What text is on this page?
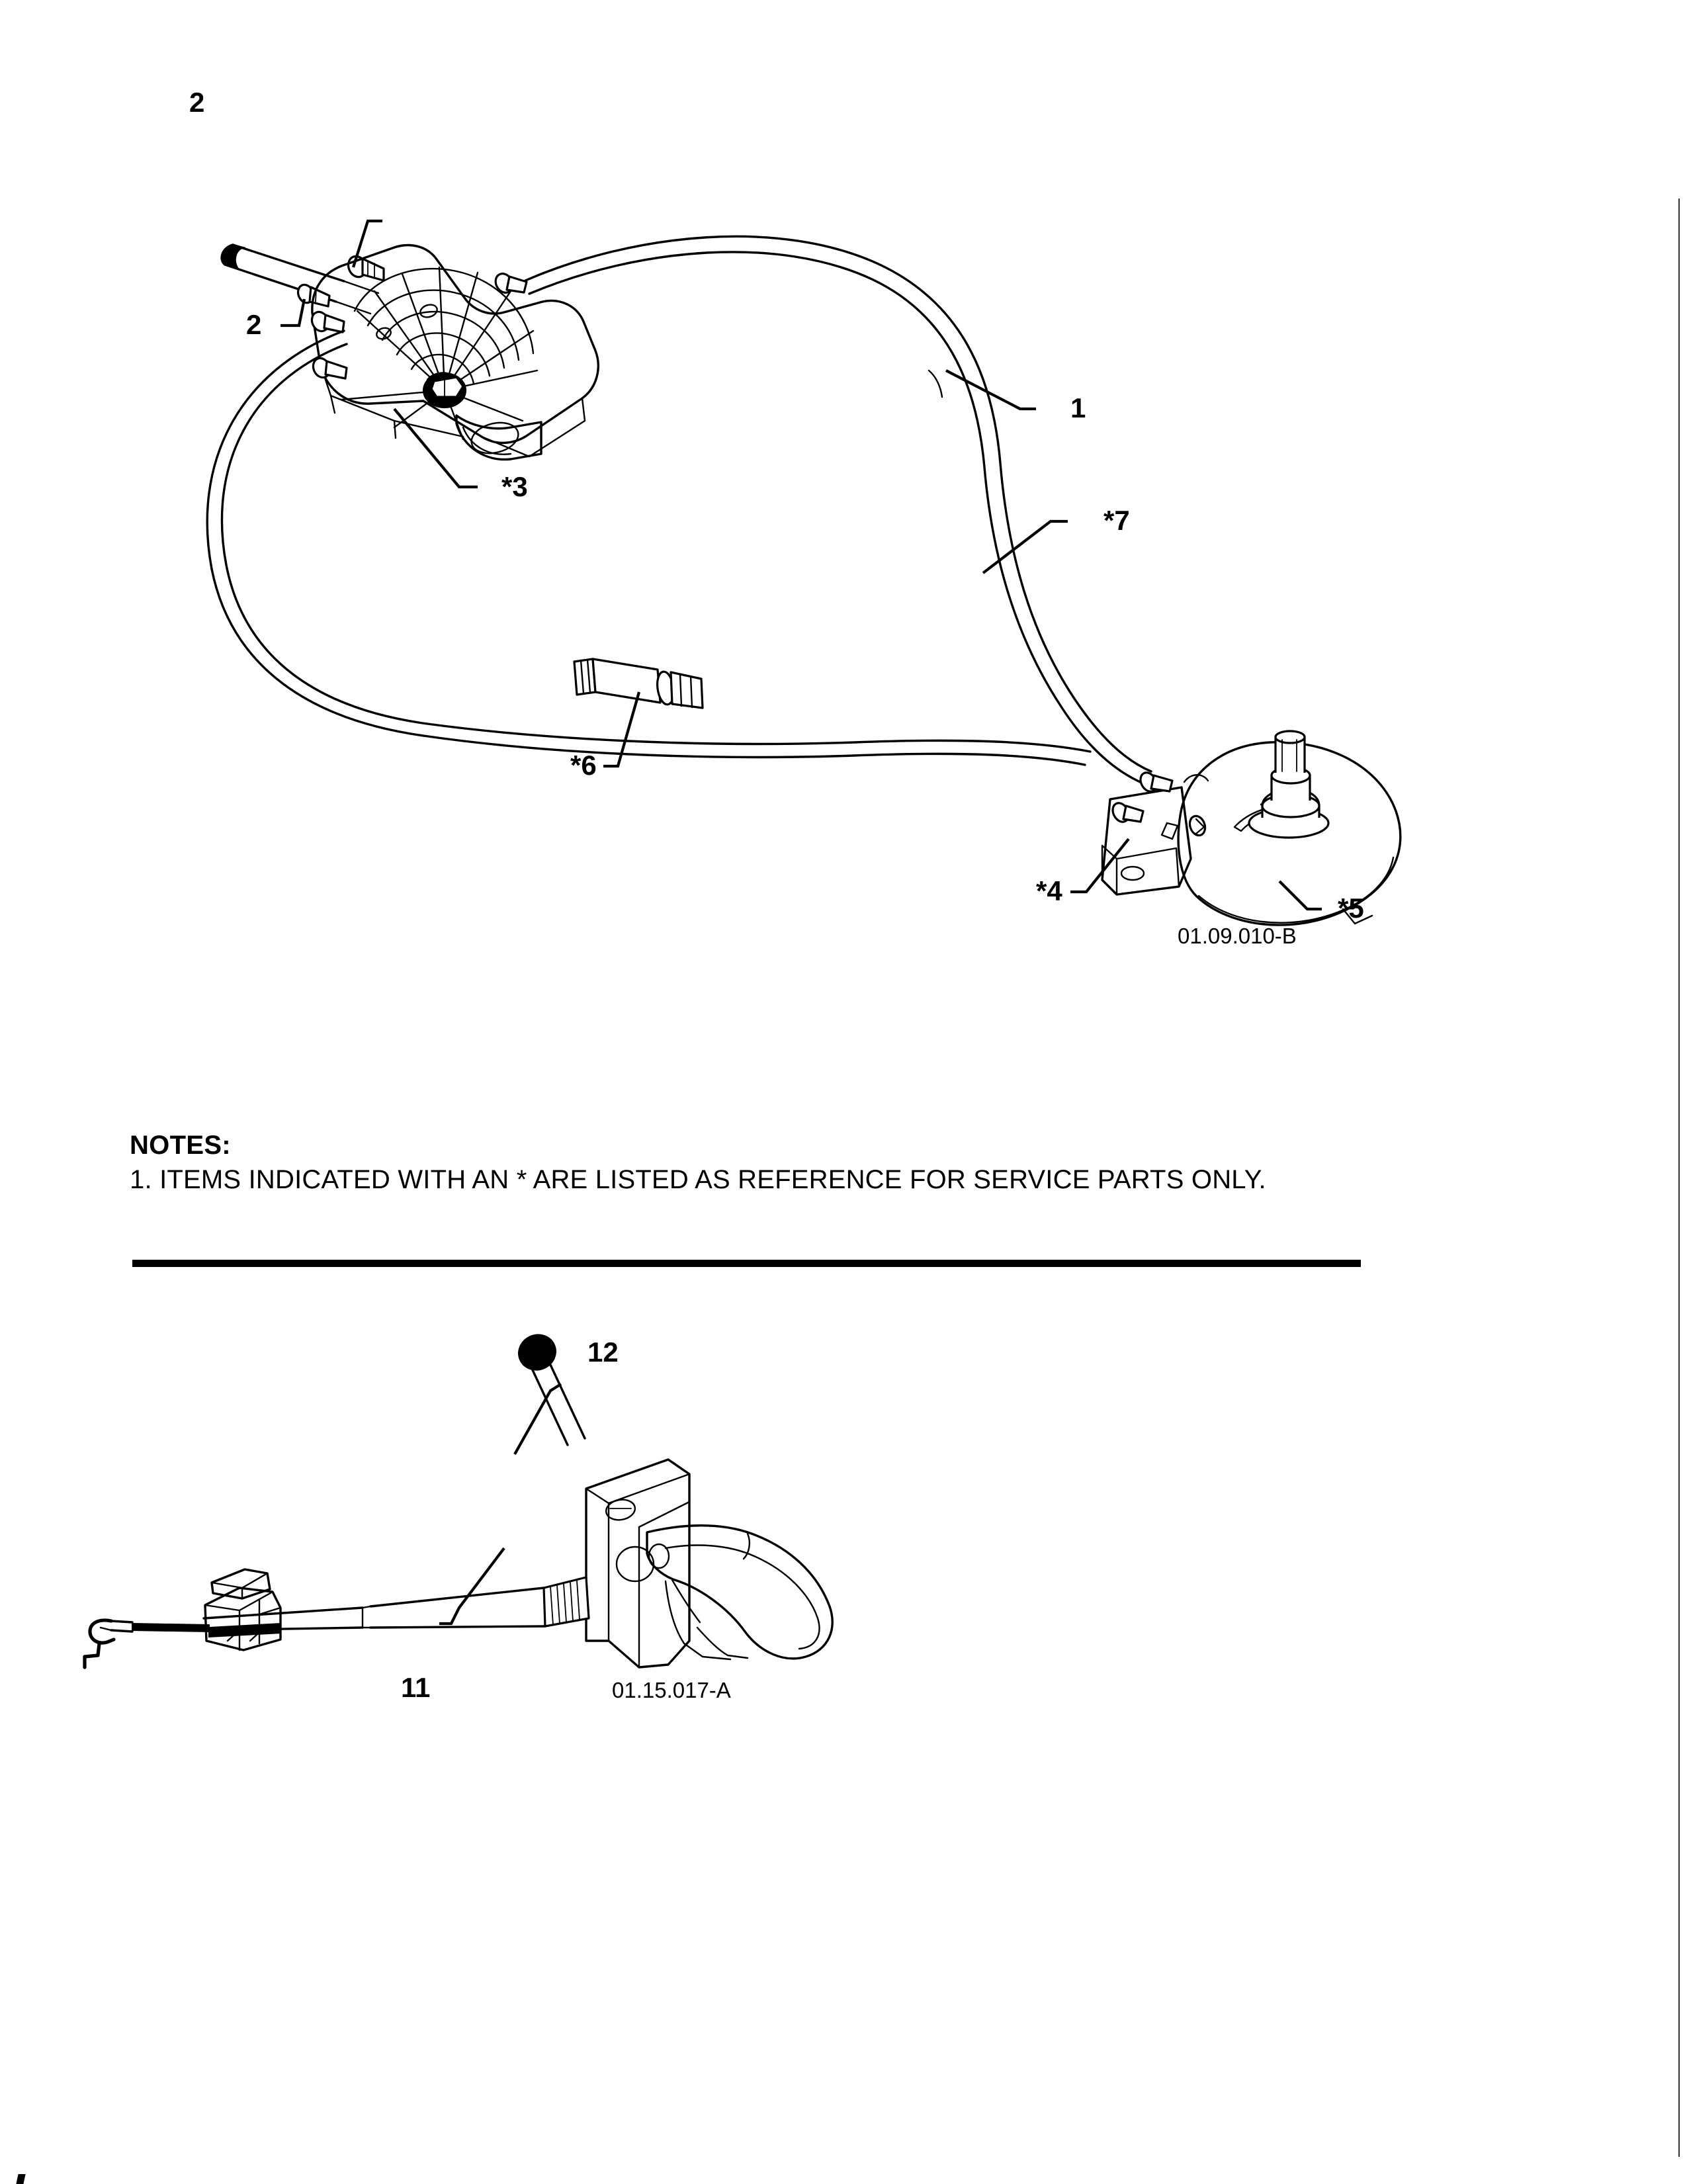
2
2
*3
1
*7
*6
*4
*5
01.09.010-B

NOTES:

1. ITEMS INDICATED WITH AN * ARE LISTED AS REFERENCE FOR SERVICE PARTS ONLY.

12
11	01.15.017-A
